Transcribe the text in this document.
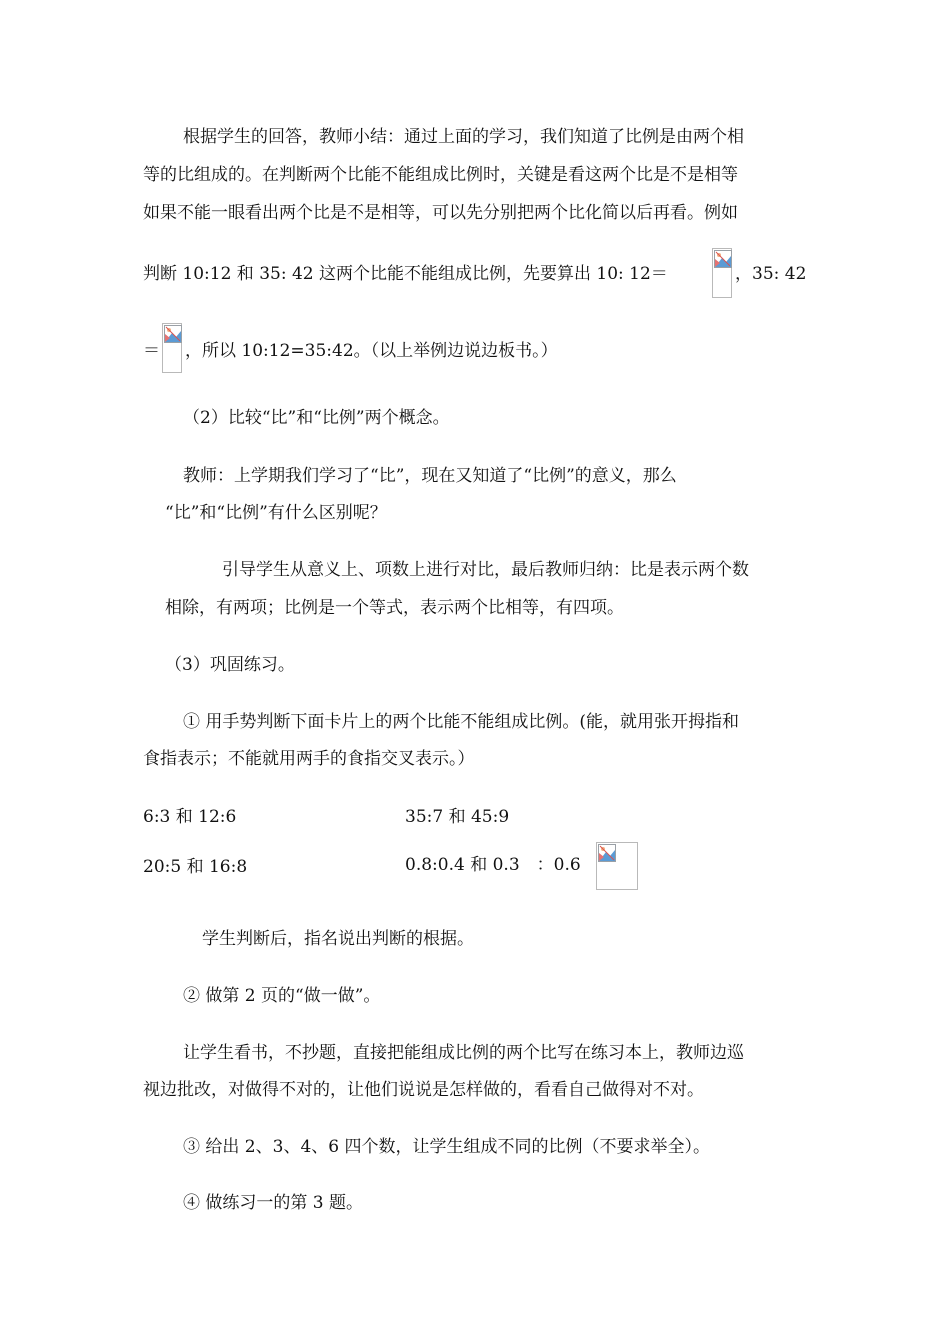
根据学生的回答，教师小结：通过上面的学习，我们知道了比例是由两个相
等的比组成的。在判断两个比能不能组成比例时，关键是看这两个比是不是相等
如果不能一眼看出两个比是不是相等，可以先分别把两个比化简以后再看。例如
判断 10:12 和 35: 42 这两个比能不能组成比例，先要算出 10: 12＝	，35: 42
＝ ，所以 10:12=35:42。（以上举例边说边板书。）
（2）比较“比”和“比例”两个概念。
教师：上学期我们学习了“比”，现在又知道了“比例”的意义，那么
“比”和“比例”有什么区别呢？
引导学生从意义上、项数上进行对比，最后教师归纳：比是表示两个数
相除，有两项；比例是一个等式，表示两个比相等，有四项。
（3）巩固练习。
① 用手势判断下面卡片上的两个比能不能组成比例。(能，就用张开拇指和
食指表示；不能就用两手的食指交叉表示。）
6:3 和 12:6	35:7 和 45:9
20:5 和 16:8	0.8:0.4 和 0.3　：0.6
学生判断后，指名说出判断的根据。
② 做第 2 页的“做一做”。
让学生看书，不抄题，直接把能组成比例的两个比写在练习本上，教师边巡
视边批改，对做得不对的，让他们说说是怎样做的，看看自己做得对不对。
③ 给出 2、3、4、6 四个数，让学生组成不同的比例（不要求举全）。
④ 做练习一的第 3 题。
